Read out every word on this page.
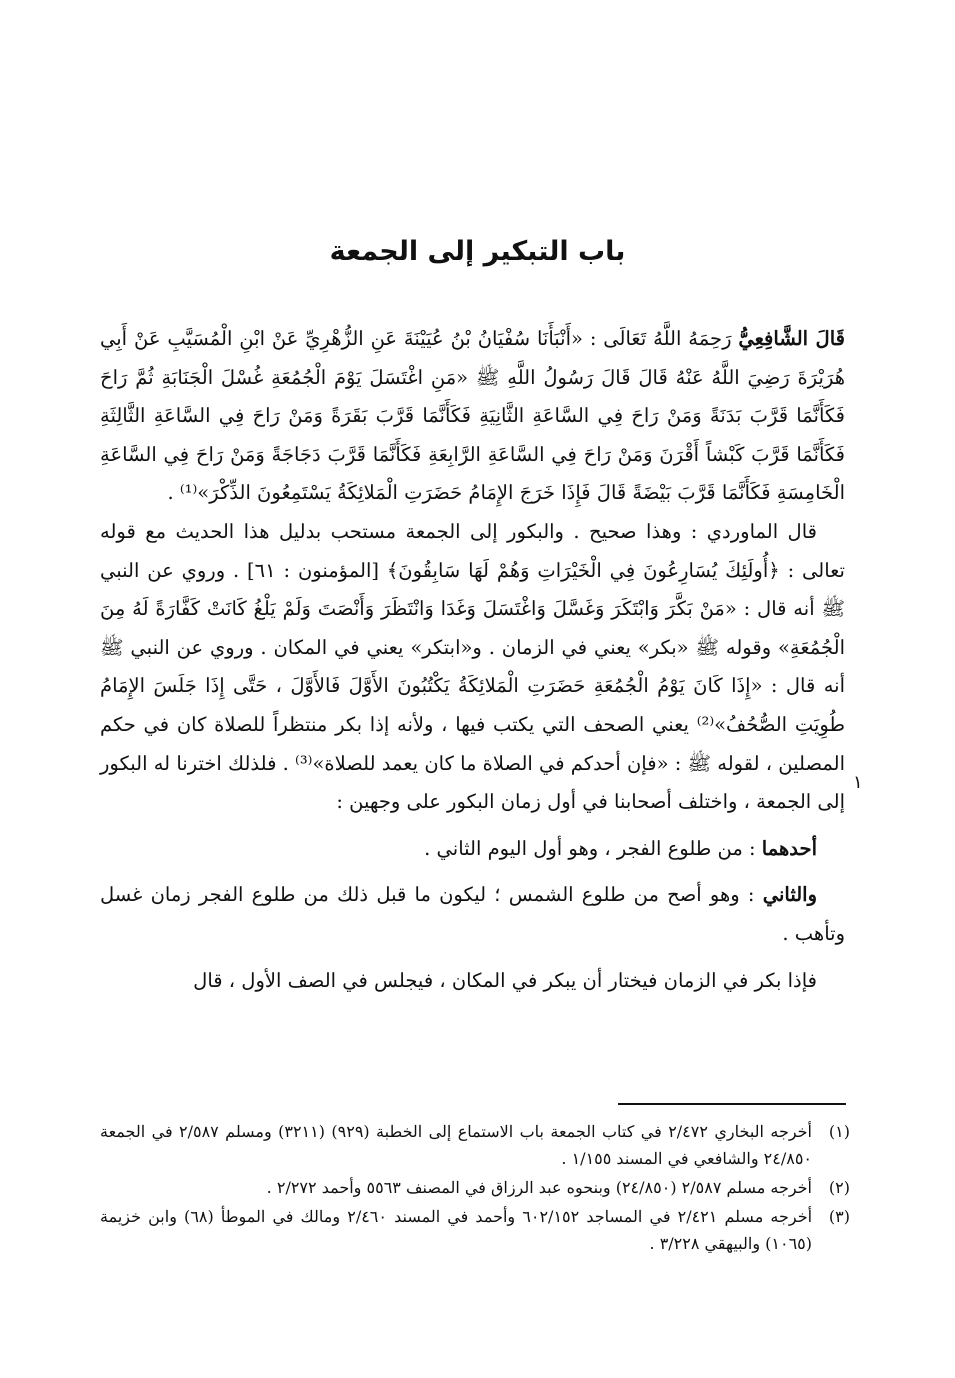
باب التبكير إلى الجمعة

قَالَ الشَّافِعِيُّ رَحِمَهُ اللَّهُ تَعَالَى : «أَنْبَأَنَا سُفْيَانُ بْنُ عُيَيْنَةَ عَنِ الزُّهْرِيِّ عَنْ ابْنِ الْمُسَيَّبِ عَنْ أَبِي هُرَيْرَةَ رَضِيَ اللَّهُ عَنْهُ قَالَ قَالَ رَسُولُ اللَّهِ ﷺ «مَنِ اغْتَسَلَ يَوْمَ الْجُمُعَةِ غُسْلَ الْجَنَابَةِ ثُمَّ رَاحَ فَكَأَنَّمَا قَرَّبَ بَدَنَةً وَمَنْ رَاحَ فِي السَّاعَةِ الثَّانِيَةِ فَكَأَنَّمَا قَرَّبَ بَقَرَةً وَمَنْ رَاحَ فِي السَّاعَةِ الثَّالِثَةِ فَكَأَنَّمَا قَرَّبَ كَبْشاً أَقْرَنَ وَمَنْ رَاحَ فِي السَّاعَةِ الرَّابِعَةِ فَكَأَنَّمَا قَرَّبَ دَجَاجَةً وَمَنْ رَاحَ فِي السَّاعَةِ الْخَامِسَةِ فَكَأَنَّمَا قَرَّبَ بَيْضَةً قَالَ فَإِذَا خَرَجَ الإِمَامُ حَضَرَتِ الْمَلائِكَةُ يَسْتَمِعُونَ الذِّكْرَ»⁽¹⁾ .

قال الماوردي : وهذا صحيح . والبكور إلى الجمعة مستحب بدليل هذا الحديث مع قوله تعالى : ﴿أُولَئِكَ يُسَارِعُونَ فِي الْخَيْرَاتِ وَهُمْ لَهَا سَابِقُونَ﴾ [المؤمنون : ٦١] . وروي عن النبي ﷺ أنه قال : «مَنْ بَكَّرَ وَابْتَكَرَ وَغَسَّلَ وَاغْتَسَلَ وَغَدَا وَانْتَظَرَ وَأَنْصَتَ وَلَمْ يَلْغُ كَانَتْ كَفَّارَةً لَهُ مِنَ الْجُمُعَةِ» وقوله ﷺ «بكر» يعني في الزمان . و«ابتكر» يعني في المكان . وروي عن النبي ﷺ أنه قال : «إِذَا كَانَ يَوْمُ الْجُمُعَةِ حَضَرَتِ الْمَلائِكَةُ يَكْتُبُونَ الأَوَّلَ فَالأَوَّلَ ، حَتَّى إِذَا جَلَسَ الإِمَامُ طُوِيَتِ الصُّحُفُ»⁽²⁾ يعني الصحف التي يكتب فيها ، ولأنه إذا بكر منتظراً للصلاة كان في حكم المصلين ، لقوله ﷺ : «فإن أحدكم في الصلاة ما كان يعمد للصلاة»⁽³⁾ . فلذلك اخترنا له البكور إلى الجمعة ، واختلف أصحابنا في أول زمان البكور على وجهين :

أحدهما : من طلوع الفجر ، وهو أول اليوم الثاني .

والثاني : وهو أصح من طلوع الشمس ؛ ليكون ما قبل ذلك من طلوع الفجر زمان غسل وتأهب .

فإذا بكر في الزمان فيختار أن يبكر في المكان ، فيجلس في الصف الأول ، قال

١
(١)
أخرجه البخاري ٢/٤٧٢ في كتاب الجمعة باب الاستماع إلى الخطبة (٩٢٩) (٣٢١١) ومسلم ٢/٥٨٧ في الجمعة ٢٤/٨٥٠ والشافعي في المسند ١/١٥٥ .
(٢)
أخرجه مسلم ٢/٥٨٧ (٢٤/٨٥٠) وبنحوه عبد الرزاق في المصنف ٥٥٦٣ وأحمد ٢/٢٧٢ .
(٣)
أخرجه مسلم ٢/٤٢١ في المساجد ٦٠٢/١٥٢ وأحمد في المسند ٢/٤٦٠ ومالك في الموطأ (٦٨) وابن خزيمة (١٠٦٥) والبيهقي ٣/٢٢٨ .
